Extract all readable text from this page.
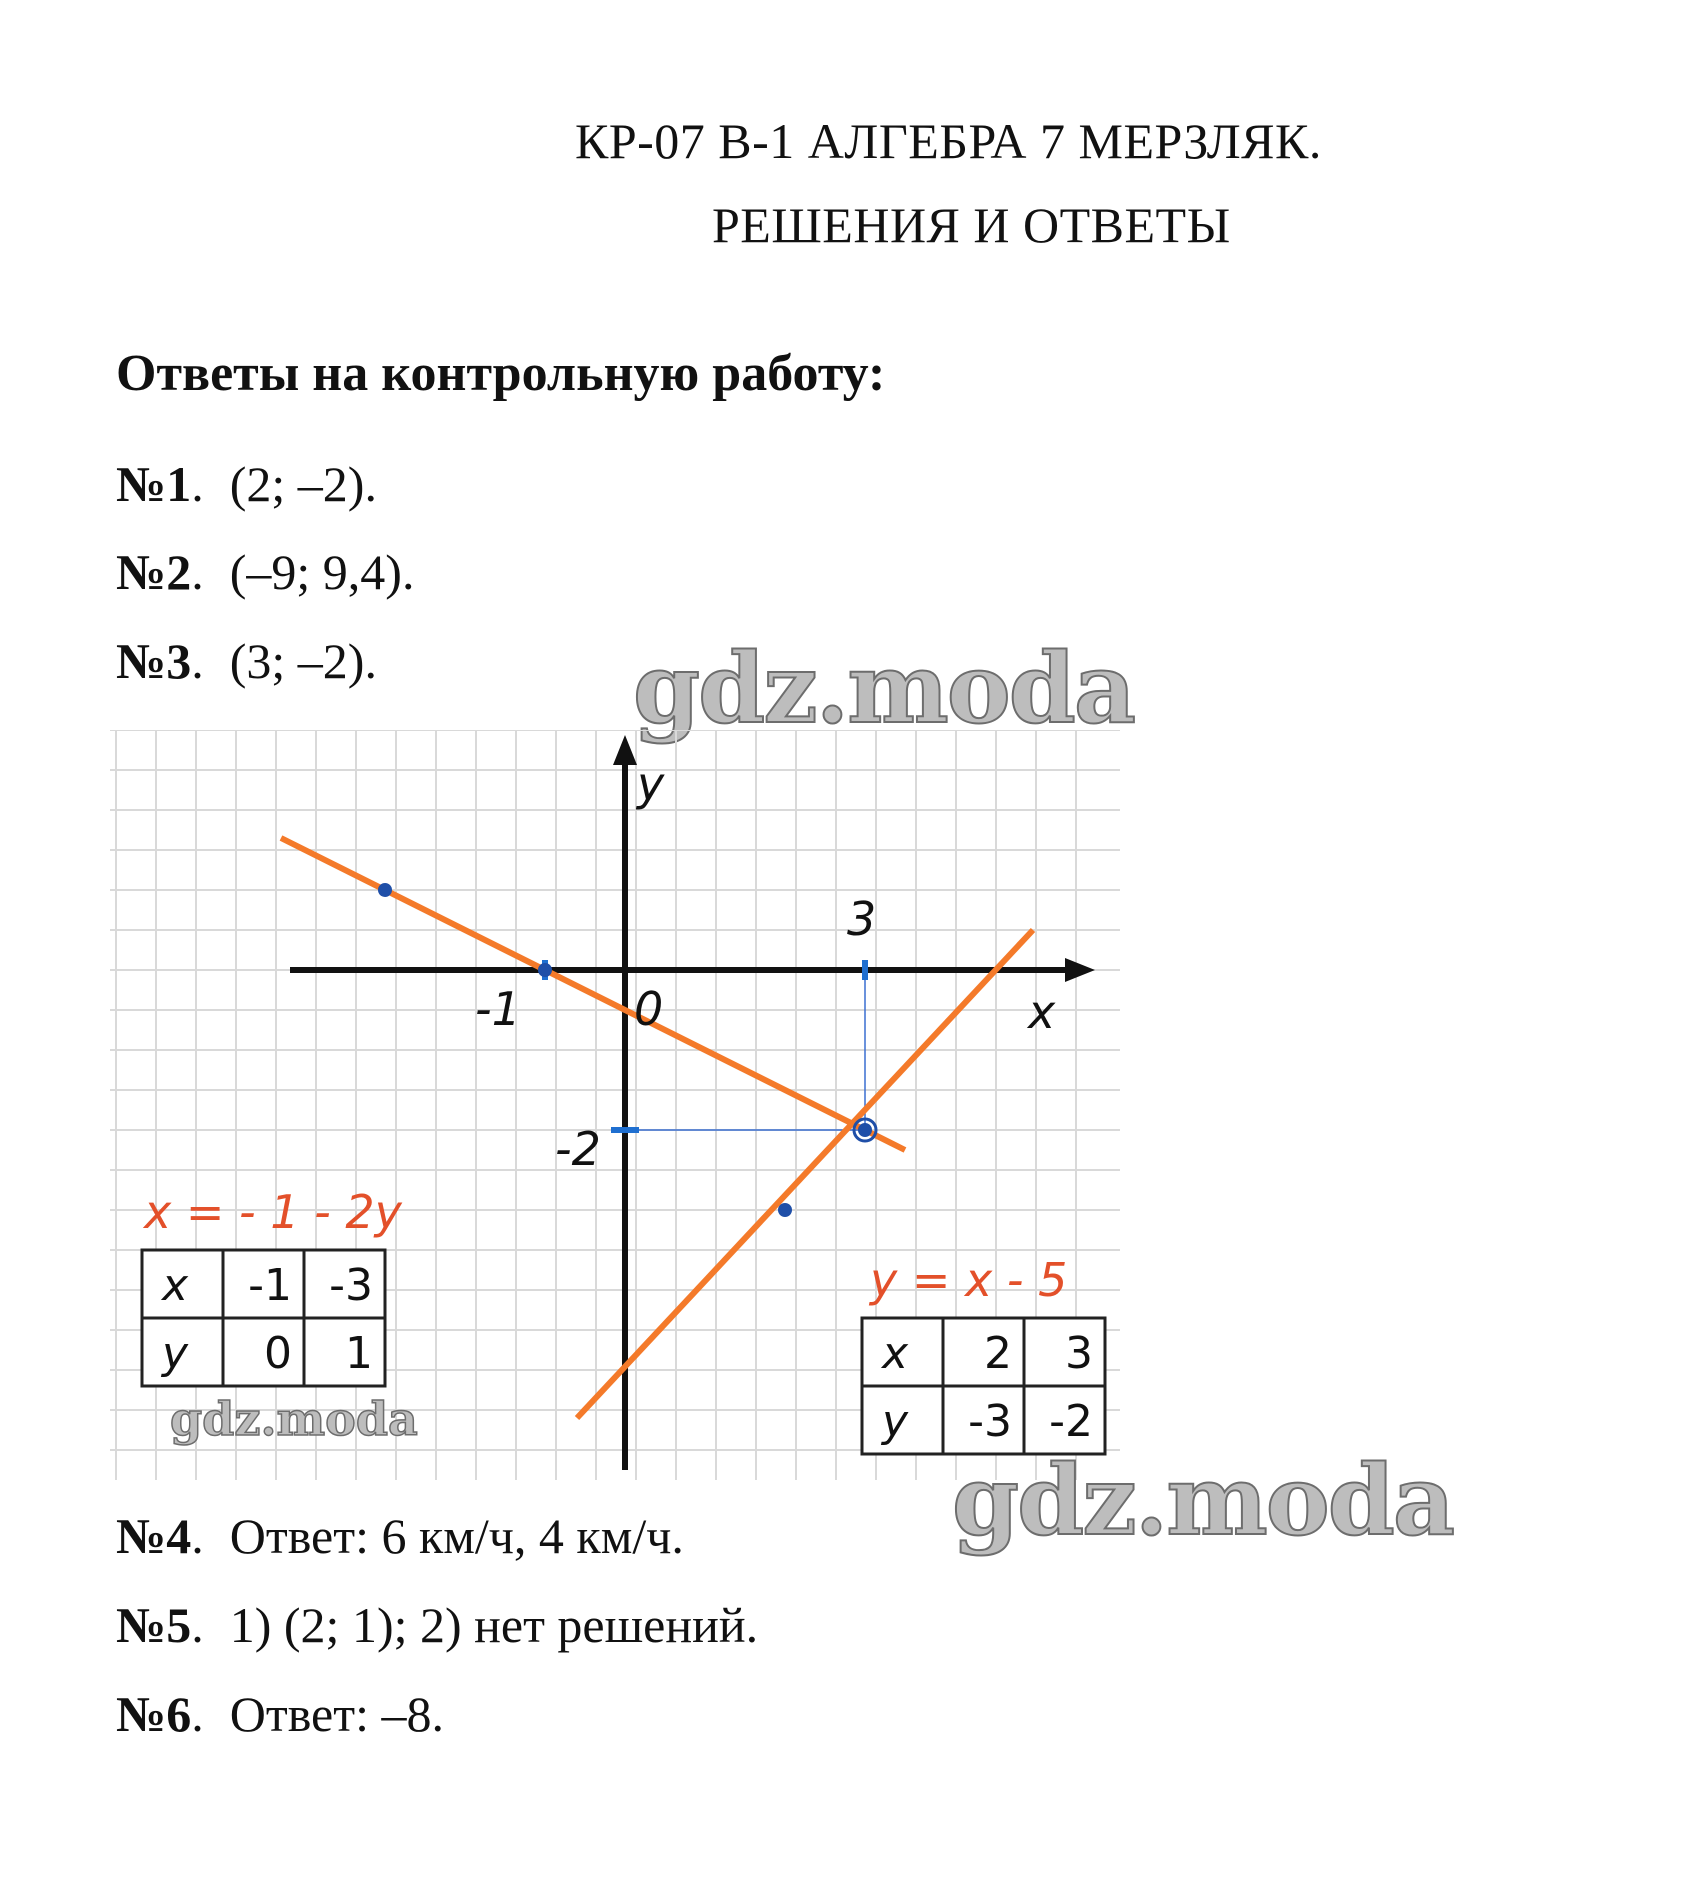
КР-07 В-1 АЛГЕБРА 7 МЕРЗЛЯК.
РЕШЕНИЯ И ОТВЕТЫ
Ответы на контрольную работу:
№1. (2; –2).
№2. (–9; 9,4).
№3. (3; –2).	gdz.moda
x
y
0
-1
3
-2
x = - 1 - 2y
x -1 -3
y 0 1
y = x - 5
x 2 3
y -3 -2
gdz.moda
№4. Ответ: 6 км/ч, 4 км/ч.
№5. 1) (2; 1); 2) нет решений.
№6. Ответ: –8.
gdz.moda
